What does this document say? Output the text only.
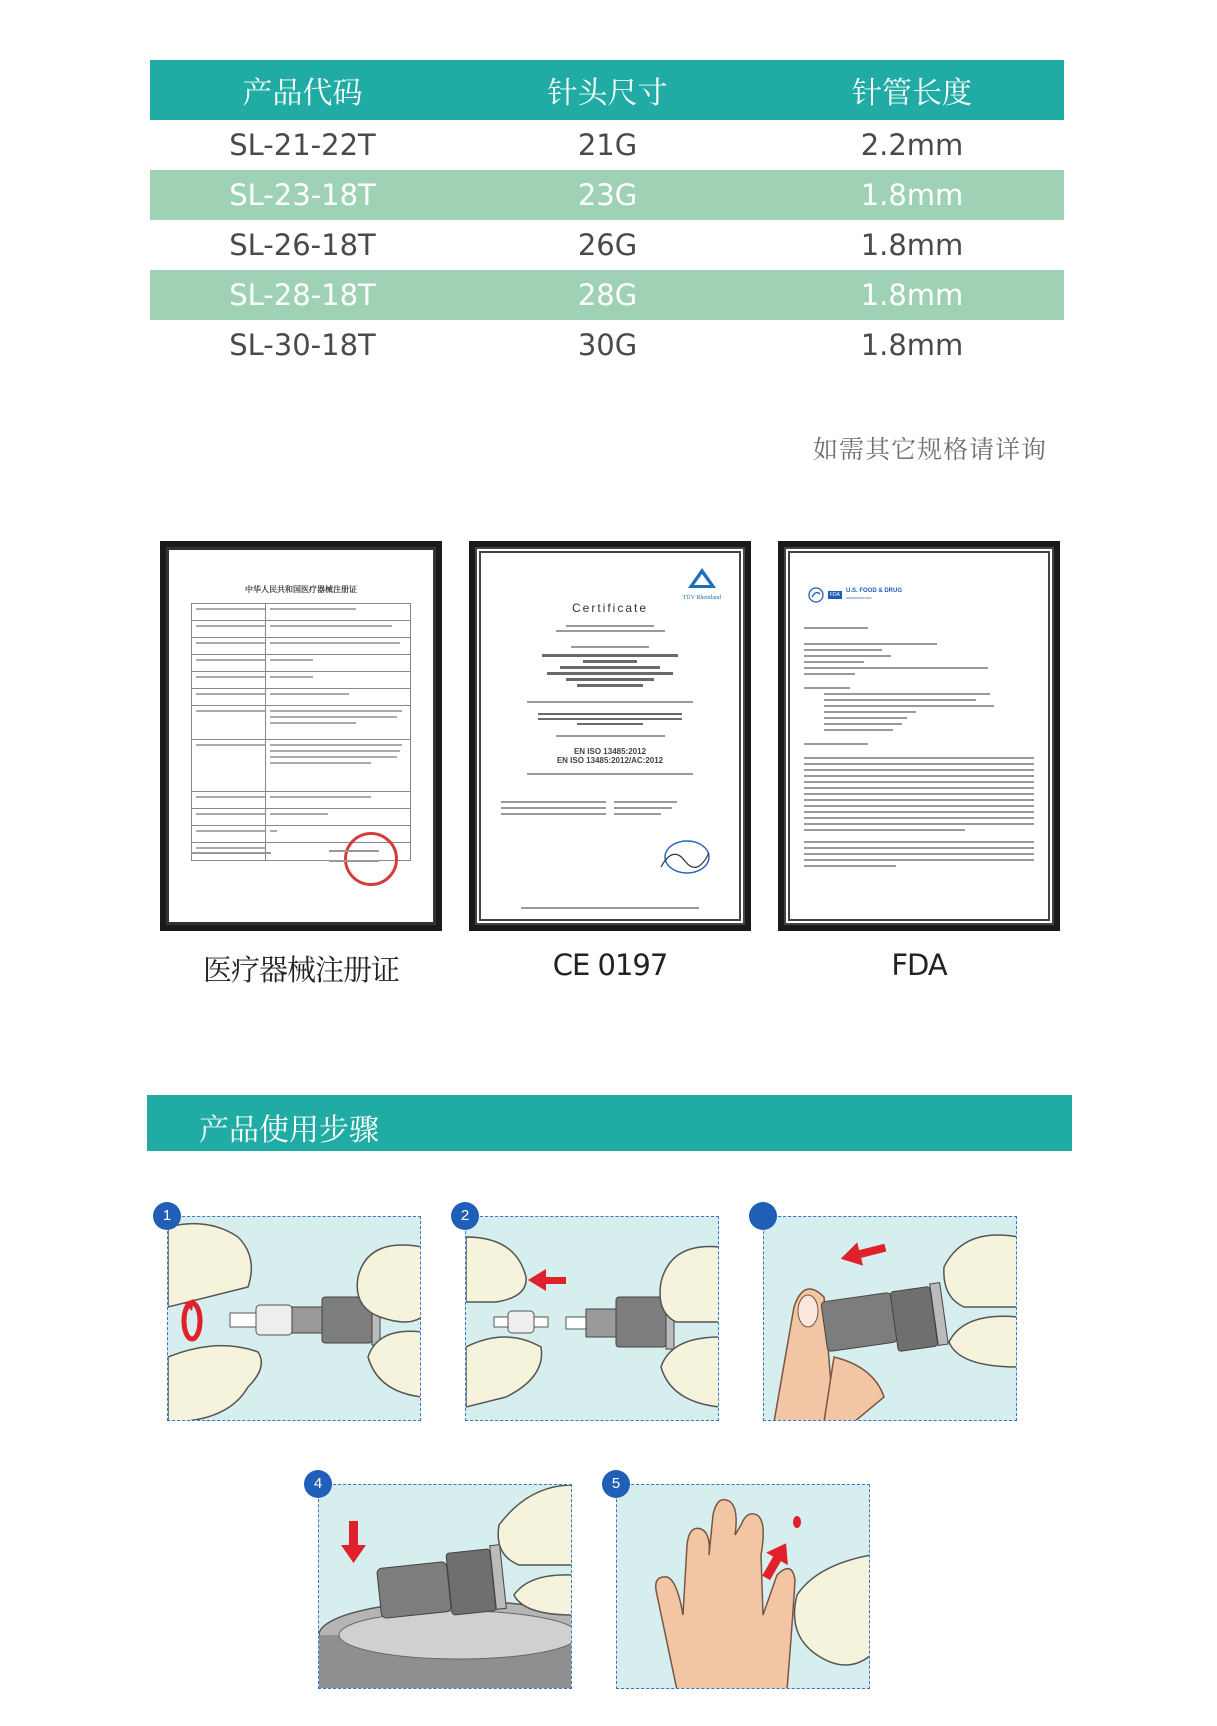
产品代码	针头尺寸	针管长度
SL-21-22T	21G	2.2mm
SL-23-18T	23G	1.8mm
SL-26-18T	26G	1.8mm
SL-28-18T	28G	1.8mm
SL-30-18T	30G	1.8mm
如需其它规格请详询
中华人民共和国医疗器械注册证
TÜV Rheinland
Certificate
EN ISO 13485:2012
EN ISO 13485:2012/AC:2012
FDA
U.S. FOOD & DRUG
ADMINISTRATION
医疗器械注册证	CE 0197	FDA
产品使用步骤
1	2
4	5
